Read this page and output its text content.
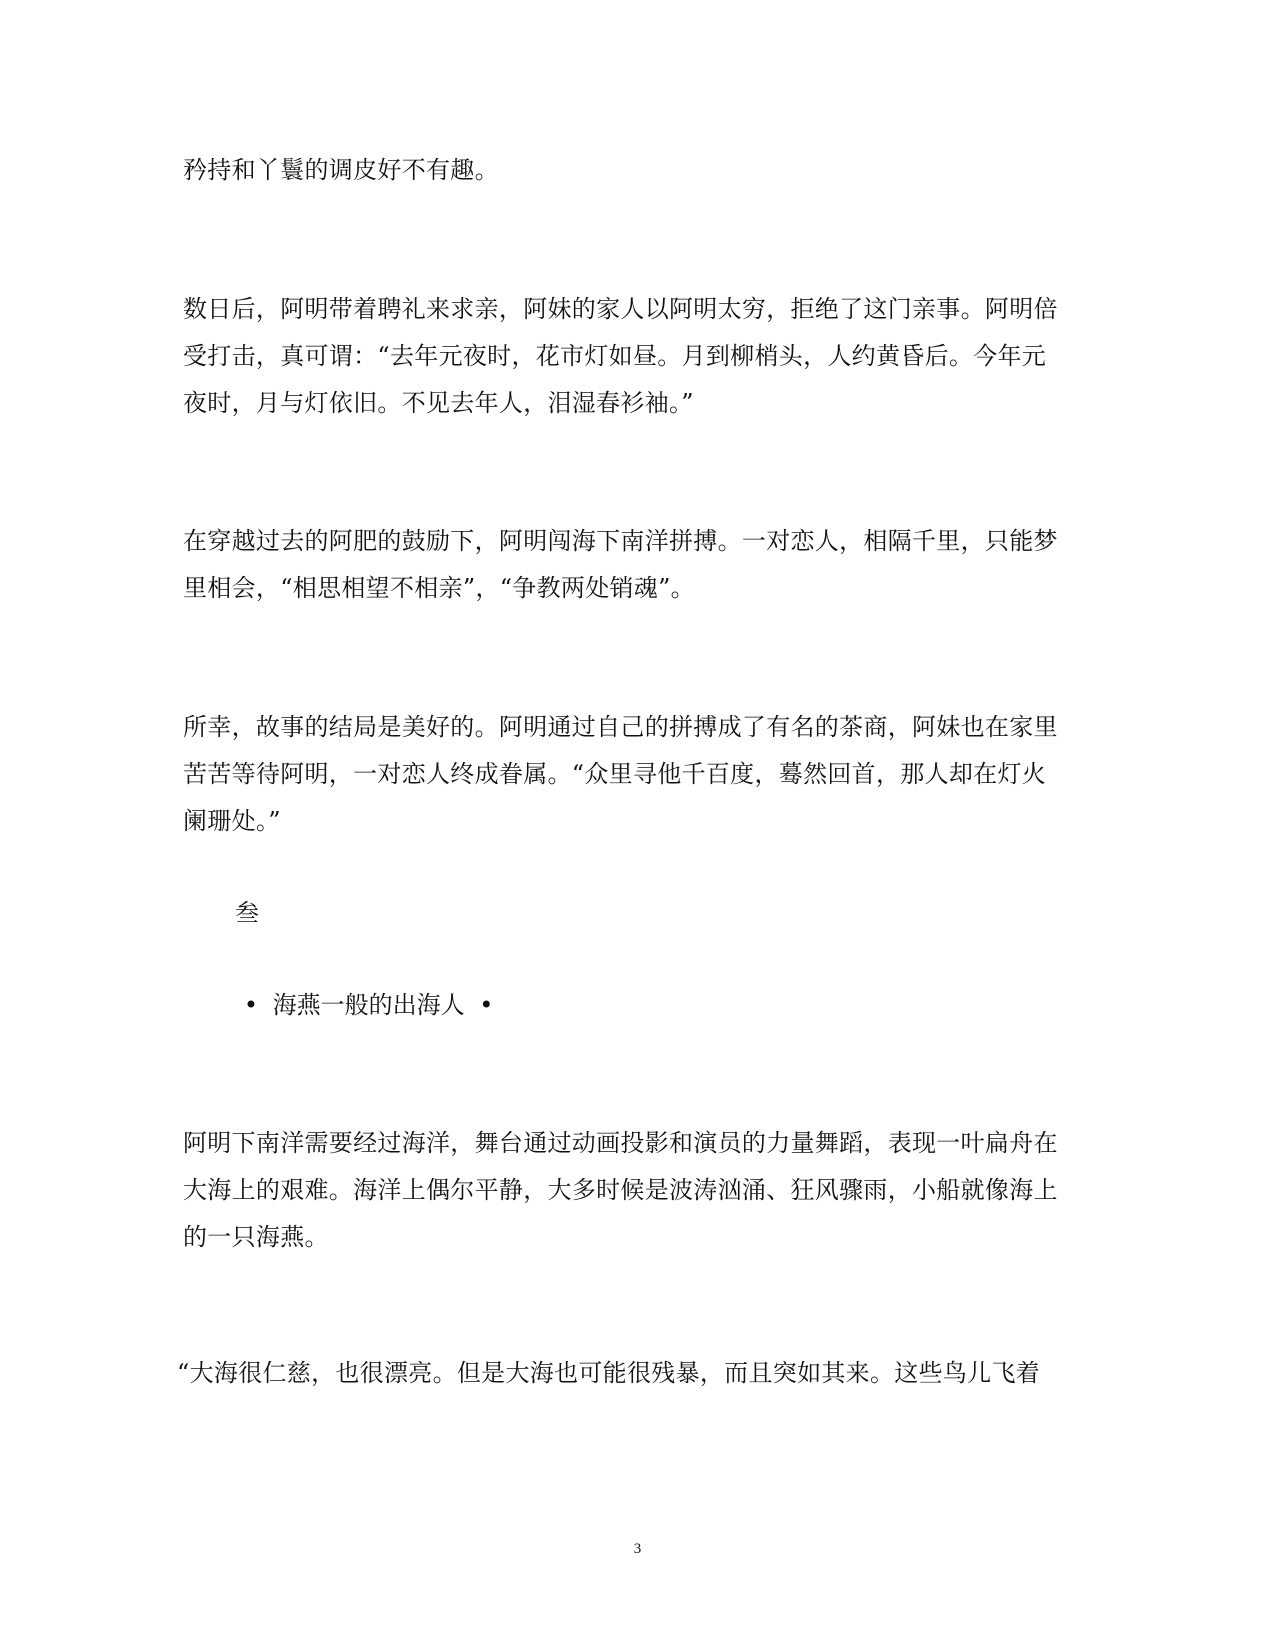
矜持和丫鬟的调皮好不有趣。
数日后，阿明带着聘礼来求亲，阿妹的家人以阿明太穷，拒绝了这门亲事。阿明倍
受打击，真可谓：“去年元夜时，花市灯如昼。月到柳梢头，人约黄昏后。今年元
夜时，月与灯依旧。不见去年人，泪湿春衫袖。”
在穿越过去的阿肥的鼓励下，阿明闯海下南洋拼搏。一对恋人，相隔千里，只能梦
里相会，“相思相望不相亲”，“争教两处销魂”。
所幸，故事的结局是美好的。阿明通过自己的拼搏成了有名的茶商，阿妹也在家里
苦苦等待阿明，一对恋人终成眷属。“众里寻他千百度，蓦然回首，那人却在灯火
阑珊处。”
叁
• 海燕一般的出海人 •
阿明下南洋需要经过海洋，舞台通过动画投影和演员的力量舞蹈，表现一叶扁舟在
大海上的艰难。海洋上偶尔平静，大多时候是波涛汹涌、狂风骤雨，小船就像海上
的一只海燕。
“大海很仁慈，也很漂亮。但是大海也可能很残暴，而且突如其来。这些鸟儿飞着
3
